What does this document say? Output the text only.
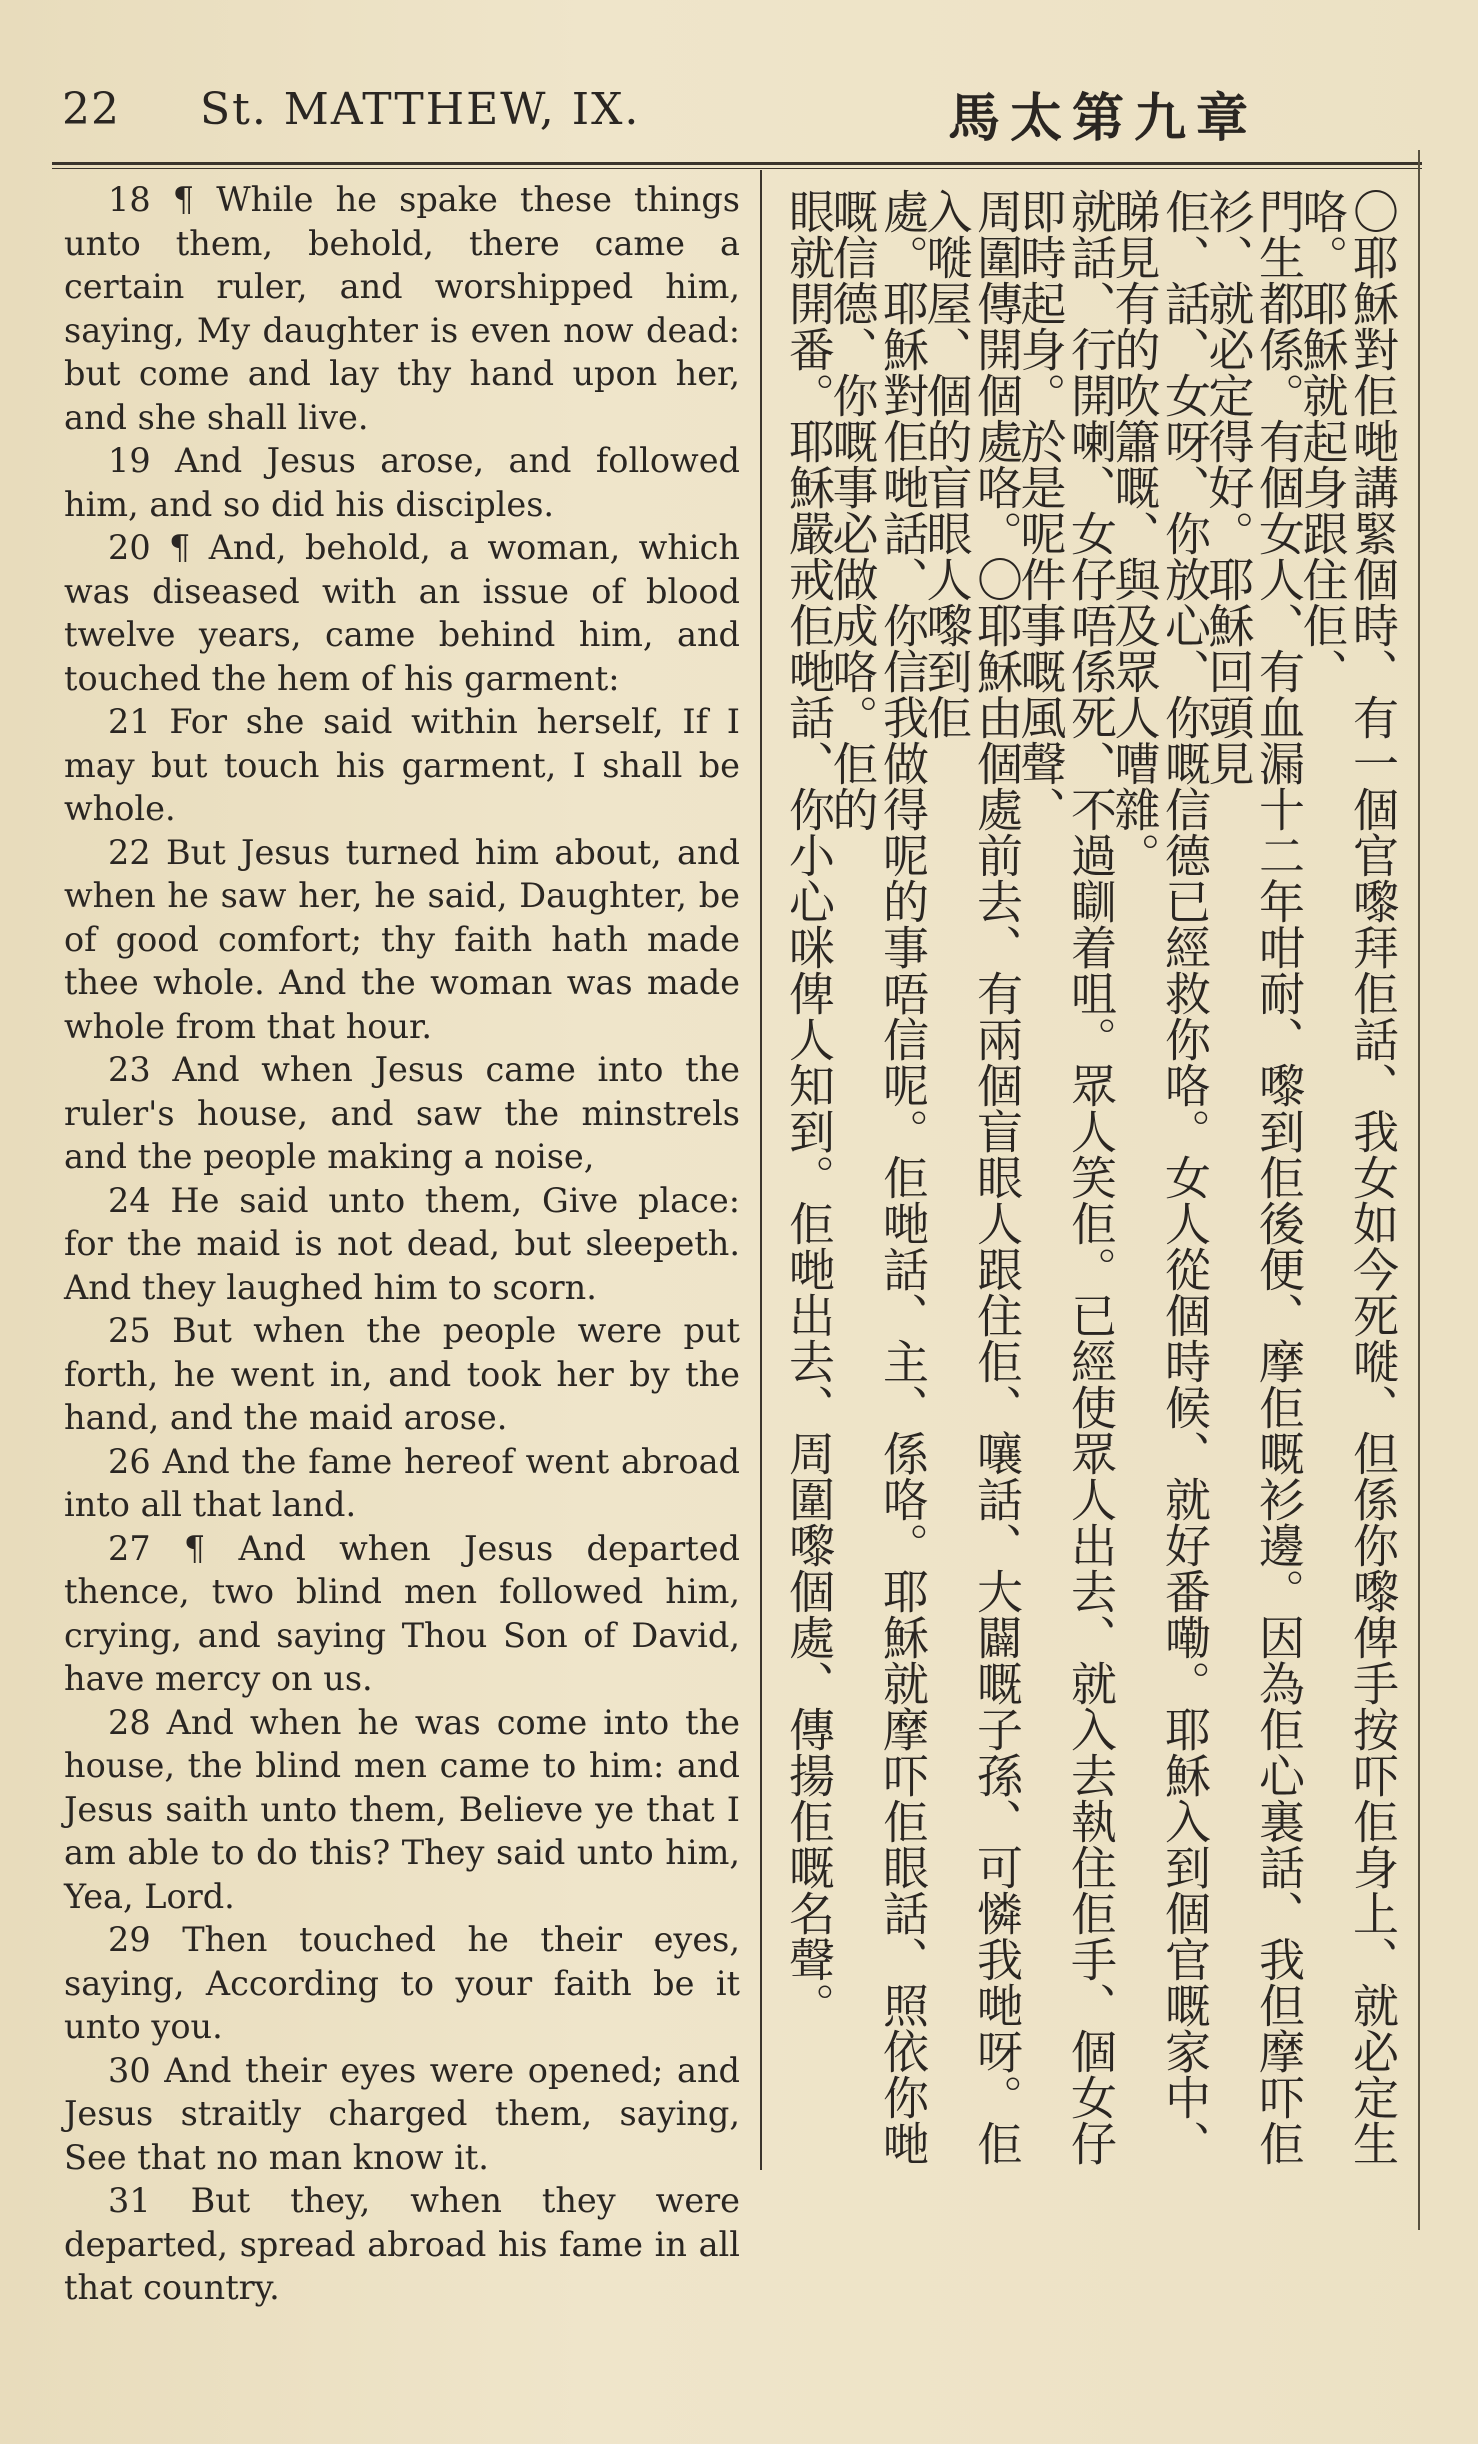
22 St. MATTHEW, IX.	馬太第九章

18 ¶ While he spake these things unto them, behold, there came a certain ruler, and worshipped him, saying, My daughter is even now dead: but come and lay thy hand upon her, and she shall live.

19 And Jesus arose, and followed him, and so did his disciples.

20 ¶ And, behold, a woman, which was diseased with an issue of blood twelve years, came behind him, and touched the hem of his garment:

21 For she said within herself, If I may but touch his garment, I shall be whole.

22 But Jesus turned him about, and when he saw her, he said, Daughter, be of good comfort; thy faith hath made thee whole. And the woman was made whole from that hour.

23 And when Jesus came into the ruler's house, and saw the minstrels and the people making a noise,

24 He said unto them, Give place: for the maid is not dead, but sleepeth. And they laughed him to scorn.

25 But when the people were put forth, he went in, and took her by the hand, and the maid arose.

26 And the fame hereof went abroad into all that land.

27 ¶ And when Jesus departed thence, two blind men followed him, crying, and saying Thou Son of David, have mercy on us.

28 And when he was come into the house, the blind men came to him: and Jesus saith unto them, Believe ye that I am able to do this? They said unto him, Yea, Lord.

29 Then touched he their eyes, saying, According to your faith be it unto you.

30 And their eyes were opened; and Jesus straitly charged them, saying, See that no man know it.

31 But they, when they were departed, spread abroad his fame in all that country.

〇耶穌對佢哋講緊個時、有一個官嚟拜佢話、我女如今死嘥、但係你嚟俾手按吓佢身上、就必定生咯。耶穌就起身跟住佢、
門生都係。有個女人、有血漏十二年咁耐、嚟到佢後便、摩佢嘅衫邊。因為佢心裏話、我但摩吓佢衫、就必定得好。耶穌回頭見
佢、話、女呀、你放心、你嘅信德已經救你咯。女人從個時候、就好番嘞。耶穌入到個官嘅家中、睇見有的吹簫嘅、與及眾人嘈雜。
就話、行開喇、女仔唔係死、不過瞓着咀。眾人笑佢。已經使眾人出去、就入去執住佢手、個女仔即時起身。於是呢件事嘅風聲、
周圍傳開個處咯。〇耶穌由個處前去、有兩個盲眼人跟住佢、嚷話、大闢嘅子孫、可憐我哋呀。佢入嘥屋、個的盲眼人嚟到佢
處。耶穌對佢哋話、你信我做得呢的事唔信呢。佢哋話、主、係咯。耶穌就摩吓佢眼話、照依你哋嘅信德、你嘅事必做成咯。佢的
眼就開番。耶穌嚴戒佢哋話、你小心咪俾人知到。佢哋出去、周圍嚟個處、傳揚佢嘅名聲。
